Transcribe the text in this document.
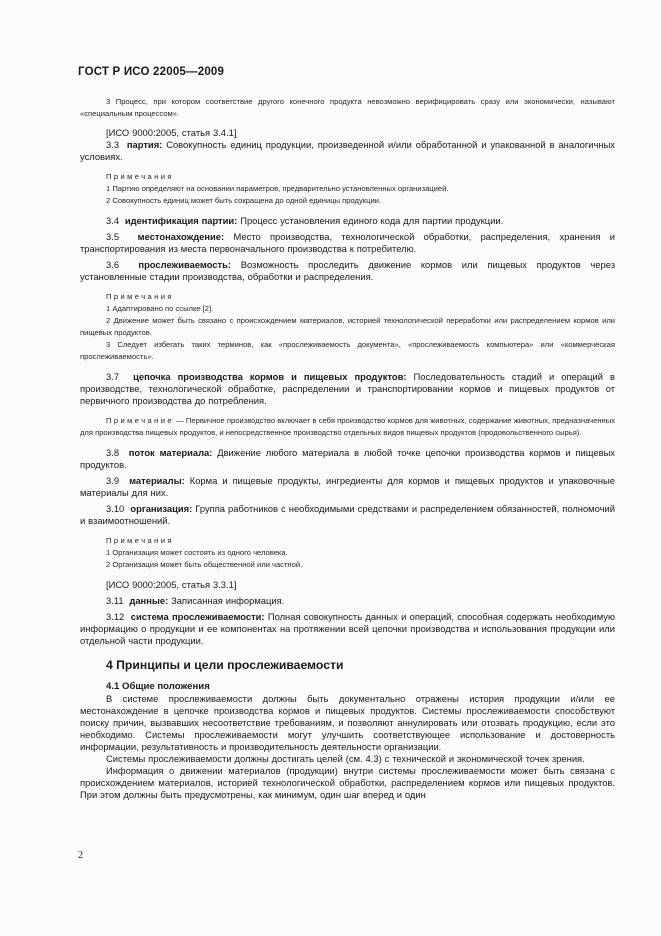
ГОСТ Р ИСО 22005—2009

3 Процесс, при котором соответствие другого конечного продукта невозможно верифицировать сразу или экономически, называют «специальным процессом».

[ИСО 9000:2005, статья 3.4.1]

3.3 партия: Совокупность единиц продукции, произведенной и/или обработанной и упакованной в аналогичных условиях.

Примечания

1 Партию определяют на основании параметров, предварительно установленных организацией.

2 Совокупность единиц может быть сокращена до одной единицы продукции.

3.4 идентификация партии: Процесс установления единого кода для партии продукции.

3.5 местонахождение: Место производства, технологической обработки, распределения, хранения и транспортирования из места первоначального производства к потребителю.

3.6 прослеживаемость: Возможность проследить движение кормов или пищевых продуктов через установленные стадии производства, обработки и распределения.

Примечания

1 Адаптировано по ссылке [2].

2 Движение может быть связано с происхождением материалов, историей технологической переработки или распределением кормов или пищевых продуктов.

3 Следует избегать таких терминов, как «прослеживаемость документа», «прослеживаемость компьютера» или «коммерческая прослеживаемость».

3.7 цепочка производства кормов и пищевых продуктов: Последовательность стадий и операций в производстве, технологической обработке, распределении и транспортировании кормов и пищевых продуктов от первичного производства до потребления.

Примечание — Первичное производство включает в себя производство кормов для животных, содержание животных, предназначенных для производства пищевых продуктов, и непосредственное производство отдельных видов пищевых продуктов (продовольственного сырья).

3.8 поток материала: Движение любого материала в любой точке цепочки производства кормов и пищевых продуктов.

3.9 материалы: Корма и пищевые продукты, ингредиенты для кормов и пищевых продуктов и упаковочные материалы для них.

3.10 организация: Группа работников с необходимыми средствами и распределением обязанностей, полномочий и взаимоотношений.

Примечания

1 Организация может состоять из одного человека.

2 Организация может быть общественной или частной.

[ИСО 9000:2005, статья 3.3.1]

3.11 данные: Записанная информация.

3.12 система прослеживаемости: Полная совокупность данных и операций, способная содержать необходимую информацию о продукции и ее компонентах на протяжении всей цепочки производства и использования продукции или отдельной части продукции.

4 Принципы и цели прослеживаемости

4.1 Общие положения

В системе прослеживаемости должны быть документально отражены история продукции и/или ее местонахождение в цепочке производства кормов и пищевых продуктов. Системы прослеживаемости способствуют поиску причин, вызвавших несоответствие требованиям, и позволяют аннулировать или отозвать продукцию, если это необходимо. Системы прослеживаемости могут улучшить соответствующее использование и достоверность информации, результативность и производительность деятельности организации.

Системы прослеживаемости должны достигать целей (см. 4.3) с технической и экономической точек зрения.

Информация о движении материалов (продукции) внутри системы прослеживаемости может быть связана с происхождением материалов, историей технологической обработки, распределением кормов или пищевых продуктов. При этом должны быть предусмотрены, как минимум, один шаг вперед и один

2
